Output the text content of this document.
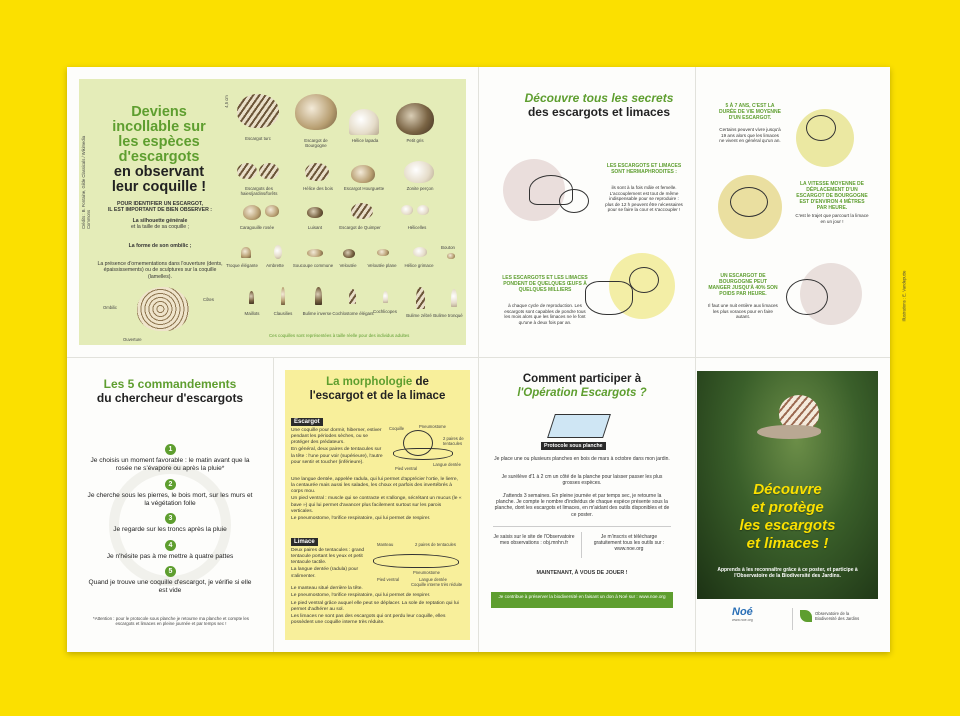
Deviens
incollable sur
les espèces
d'escargots
en observant
leur coquille !
POUR IDENTIFIER UN ESCARGOT,
IL EST IMPORTANT DE BIEN OBSERVER :
La silhouette générale
et la taille de sa coquille ;
La forme de son ombilic ;
La présence d'ornementations dans l'ouverture (dents, épaississements) ou de sculptures sur la coquille (lamelles).
Ombilic
Ouverture
Côtes
Crédits : B. Fontaine, Gilde Classicals / Wikimedia Commons
4,5 cm
Escargot turc	Escargot de Bourgogne
Hélice lapada	Petit gris
Escargots des haies/jardins/forêts
Hélice des bois	Escargot Hourguette	Zonite perçon
Caragouille rosée	Luisant	Escargot de Quimper	Hélicelles
Troque élégante	Ambrette	Soucoupe commune	Veloutée	Veloutée plane	Hélice grimace
Bouton
Maillots	Clausilies	Bulime inverse Cochlostome élégant Cochlicopes
Bulime zébré Bulime tronqué
Ces coquilles sont représentées à taille réelle pour des individus adultes
Découvre tous les secrets
des escargots et limaces
LES ESCARGOTS ET LIMACES SONT HERMAPHRODITES :
ils sont à la fois mâle et femelle. L'accouplement est tout de même indispensable pour se reproduire : plus de 12 h peuvent être nécessaires pour se faire la cour et s'accoupler !
LES ESCARGOTS ET LES LIMACES PONDENT DE QUELQUES ŒUFS À QUELQUES MILLIERS
à chaque cycle de reproduction. Les escargots sont capables de pondre tous les mois alors que les limaces ne le font qu'une à deux fois par an.
5 À 7 ANS, C'EST LA DURÉE DE VIE MOYENNE D'UN ESCARGOT.
Certains peuvent vivre jusqu'à 19 ans alors que les limaces ne vivent en général qu'un an.
LA VITESSE MOYENNE DE DÉPLACEMENT D'UN ESCARGOT DE BOURGOGNE EST D'ENVIRON 4 MÈTRES PAR HEURE.
C'est le trajet que parcourt la limace en un jour !
UN ESCARGOT DE BOURGOGNE PEUT MANGER JUSQU'À 40% SON POIDS PAR HEURE.
Il faut une nuit entière aux limaces les plus voraces pour en faire autant.	Illustrations : E. Vandeputte
Les 5 commandements
du chercheur d'escargots
1
Je choisis un moment favorable : le matin avant que la rosée ne s'évapore ou après la pluie*
2
Je cherche sous les pierres, le bois mort, sur les murs et la végétation folle
3
Je regarde sur les troncs après la pluie
4
Je n'hésite pas à me mettre à quatre pattes
5
Quand je trouve une coquille d'escargot, je vérifie si elle est vide
*Attention : pour le protocole sous planche je retourne ma planche et compte les escargots et limaces en pleine journée et par temps sec !
La morphologie de
l'escargot et de la limace
Escargot

Une coquille pour dormir, hiberner, estiver pendant les périodes sèches, ou se protéger des prédateurs.

En général, deux paires de tentacules sur la tête : l'une pour voir (supérieure), l'autre pour sentir et toucher (inférieure).

Une langue dentée, appelée radula, qui lui permet d'apprécier l'ortie, le lierre, la centaurée mais aussi les salades, les choux et parfois des invertébrés à corps mou.

Un pied ventral : muscle qui se contracte et s'allonge, sécrétant un mucus (le « bave ») qui lui permet d'avancer plus facilement surtout sur les parois verticales.

Le pneumostome, l'orifice respiratoire, qui lui permet de respirer.

Coquille	Pneumostome
2 paires de tentacules
Langue dentée
Pied ventral
Limace

Deux paires de tentacules : grand tentacule portant les yeux et petit tentacule tactile.

La langue dentée (radula) pour s'alimenter.

Le manteau situé derrière la tête.

Le pneumostome, l'orifice respiratoire, qui lui permet de respirer.

Le pied ventral grâce auquel elle peut se déplacer. La sole de reptation qui lui permet d'adhérer au sol.

Les limaces ne sont pas des escargots qui ont perdu leur coquille, elles possèdent une coquille interne très réduite.

Manteau	2 paires de tentacules
Pneumostome
Langue dentée
Pied ventral
Coquille interne très réduite
Comment participer à
l'Opération Escargots ?
Protocole sous planche
Je place une ou plusieurs planches en bois de mars à octobre dans mon jardin.
Je surélève d'1 à 2 cm un côté de la planche pour laisser passer les plus grosses espèces.
J'attends 3 semaines. En pleine journée et par temps sec, je retourne la planche. Je compte le nombre d'individus de chaque espèce présente sous la planche, dont les escargots et limaces, en m'aidant des outils disponibles et de ce poster.
Je saisis sur le site de l'Observatoire mes observations : obj.mnhn.fr
Je m'inscris et télécharge gratuitement tous les outils sur : www.noe.org
MAINTENANT, À VOUS DE JOUER !
Je contribue à préserver la biodiversité en faisant un don à Noé sur : www.noe.org
Découvre
et protège
les escargots
et limaces !
Apprends à les reconnaître grâce à ce poster, et participe à l'Observatoire de la Biodiversité des Jardins.
Noé
www.noe.org
Observatoire de la Biodiversité des Jardins
